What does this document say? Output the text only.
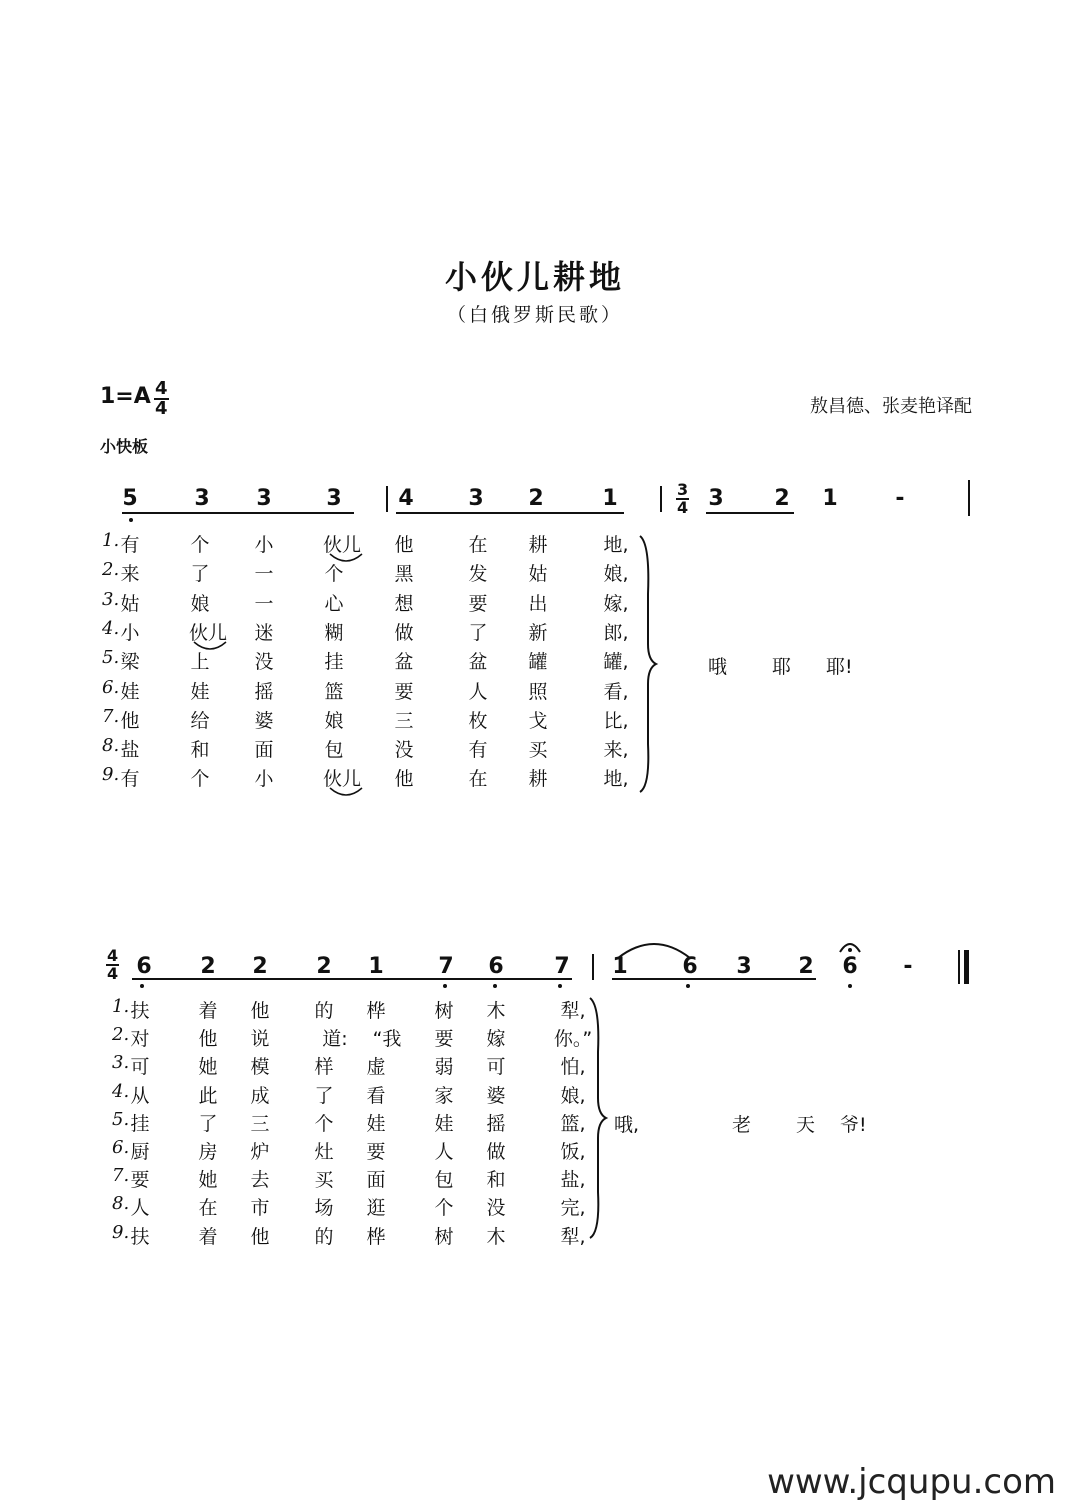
小伙儿耕地
（白俄罗斯民歌）
$1=A \frac{4}{4}$	敖昌德、张麦艳译配
小快板
$\frac{3}{4}$
哦 耶 耶!
5	3 3 3	4 3 2	1	3 2 1	-
1. 有	个 小	伙儿 他	在 耕	地,
2. 来	了 一	个	黑	发 姑	娘,
3. 姑	娘 一	心	想	要 出	嫁,
4. 小	伙儿 迷	糊	做	了 新	郎,
5. 梁	上 没	挂	盆	盆 罐	罐,
6. 娃	娃 摇	篮	要	人 照	看,
7. 他	给 婆	娘	三	枚 戈	比,
8. 盐	和 面	包	没	有 买	来,
9. 有	个 小	伙儿 他	在 耕	地,
$\frac{4}{4}$
哦,	老 天 爷!
6 2 2 2 1 7 6 7 1 6 3 2 6 -
1. 扶	着 他 的 桦	树 木	犁,
2. 对	他 说	道:	“我	要 嫁	你。”
3. 可	她 模 样 虚	弱 可	怕,
4. 从	此 成 了 看	家 婆	娘,
5. 挂	了 三 个 娃	娃 摇	篮,
6. 厨	房 炉 灶 要	人 做	饭,
7. 要	她 去 买 面	包 和	盐,
8. 人	在 市 场 逛	个 没	完,
9. 扶	着 他 的 桦	树 木	犁,
www.jcqupu.com
